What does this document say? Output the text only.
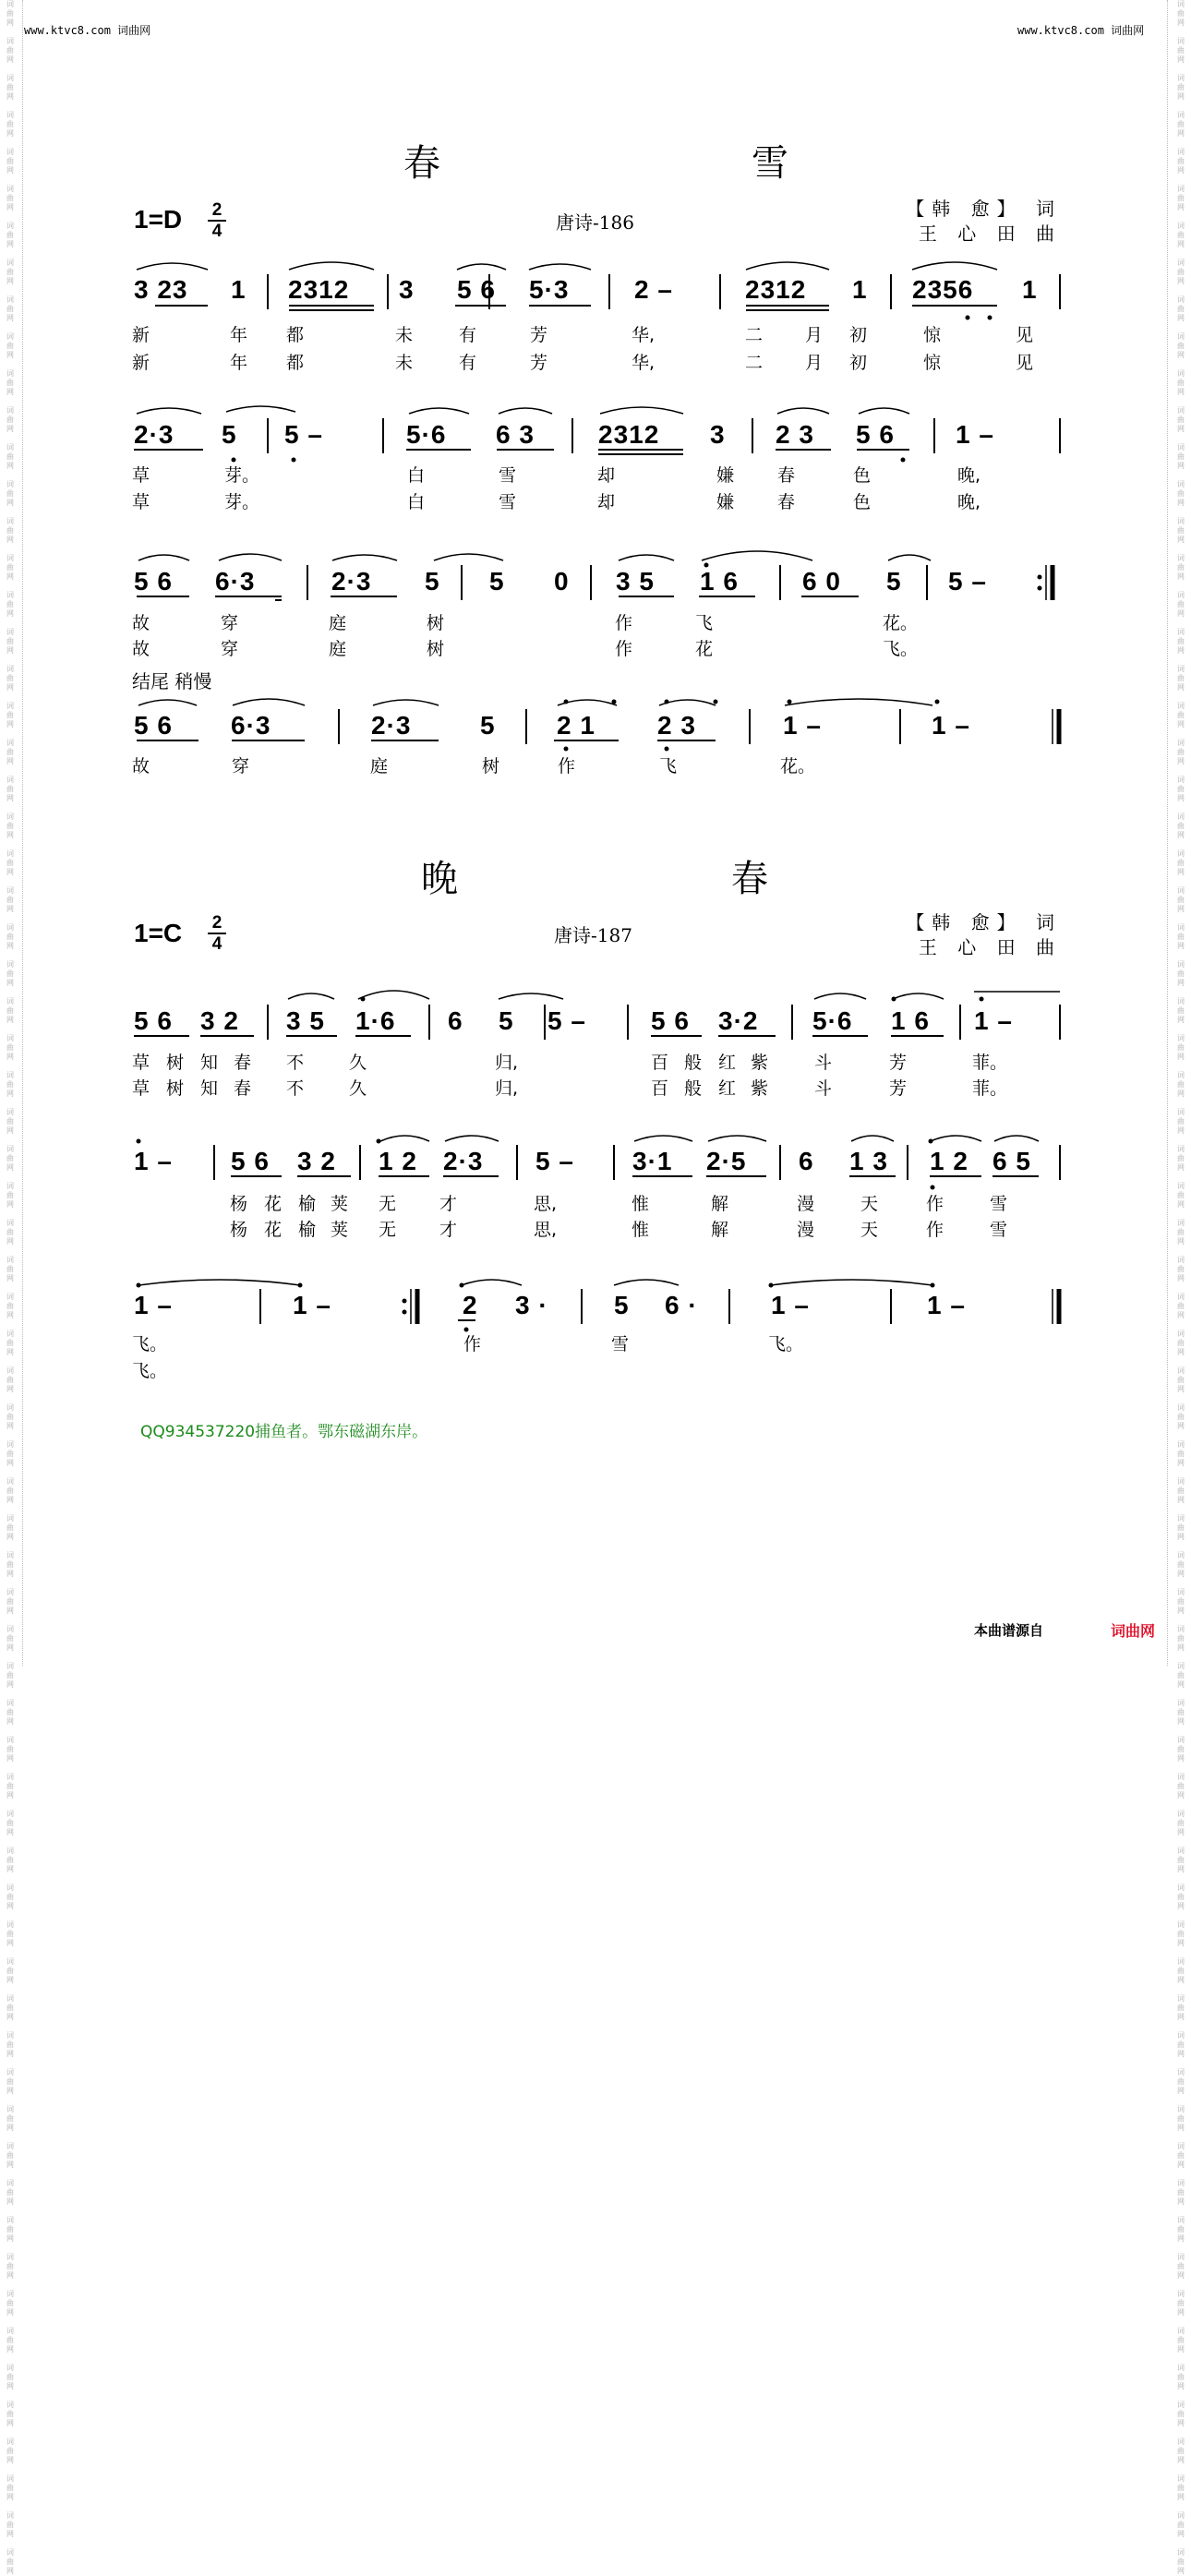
www.ktvc8.com 词曲网	www.ktvc8.com 词曲网
春	雪
1=D 2
4	唐诗-186
【韩 愈】 词
王 心 田 曲
3 23 1 2312 3 5 6 5·3	2 –	2312 1 2356 1
2·3 5 5 –	5·6 6 3 2312 3 2 3 5 6 1 –
5 6 6·3	2·3 5 5 0 3 5 1 6 6 0 5 5 –
结尾 稍慢
5 6 6·3	2·3	5 2 1 2 3	1 –	1 –
晚	春
1=C 2
4	唐诗-187
【韩 愈】 词
王 心 田 曲
5 6 3 2 3 5 1·6 6 5 5 –	5 6 3·2 5·6 1 6 1 –
1 – 5 6 3 2 1 2 2·3 5 – 3·1 2·5 6 1 3 1 2 6 5
1 –	1 –	2 3 ·	5 6 ·	1 –	1 –
QQ934537220捕鱼者。鄂东磁湖东岸。
本曲谱源自	词曲网
词
曲
网

词
曲
网

词
曲
网

词
曲
网

词
曲
网

词
曲
网

词
曲
网

词
曲
网

词
曲
网

词
曲
网

词
曲
网

词
曲
网

词
曲
网

词
曲
网

词
曲
网

词
曲
网

词
曲
网

词
曲
网

词
曲
网

词
曲
网

词
曲
网

词
曲
网

词
曲
网

词
曲
网

词
曲
网

词
曲
网

词
曲
网

词
曲
网

词
曲
网

词
曲
网

词
曲
网

词
曲
网

词
曲
网

词
曲
网

词
曲
网

词
曲
网

词
曲
网

词
曲
网

词
曲
网

词
曲
网

词
曲
网

词
曲
网

词
曲
网

词
曲
网

词
曲
网

词
曲
网

词
曲
网

词
曲
网

词
曲
网

词
曲
网

词
曲
网

词
曲
网

词
曲
网

词
曲
网

词
曲
网

词
曲
网

词
曲
网

词
曲
网

词
曲
网

词
曲
网

词
曲
网

词
曲
网

词
曲
网

词
曲
网

词
曲
网

词
曲
网

词
曲
网

词
曲
网

词
曲
网

词
曲
网

词
曲
网

词
曲
网

词
曲
网

词
曲
网

词
曲
网

词
曲
网

词
曲
网

词
曲
网

词
曲
网

词
曲
网

词
曲
网

词
曲
网

词
曲
网

词
曲
网

词
曲
网

词
曲
网

词
曲
网

词
曲
网

词
曲
网

词
曲
网

词
曲
网

词
曲
网

词
曲
网

词
曲
网

词
曲
网

词
曲
网

词
曲
网

词
曲
网

词
曲
网

词
曲
网

词
曲
网

词
曲
网

词
曲
网

词
曲
网

词
曲
网

词
曲
网

词
曲
网

词
曲
网

词
曲
网

词
曲
网

词
曲
网

词
曲
网

词
曲
网

词
曲
网

词
曲
网

词
曲
网

词
曲
网

词
曲
网

词
曲
网

词
曲
网

词
曲
网

词
曲
网

词
曲
网

词
曲
网

词
曲
网

词
曲
网

词
曲
网

词
曲
网

词
曲
网

词
曲
网

词
曲
网

词
曲
网

词
曲
网

词
曲
网

词
曲
网

词
曲
网

词
曲
网

词
曲
网

词
曲
网

词
曲
网

新	年 都	未	有	芳	华,	二 月 初	惊	见
新	年 都	未	有	芳	华,	二 月 初	惊	见
草	芽。	白	雪	却	嫌 春	色	晚,
草	芽。	白	雪	却	嫌 春	色	晚,
故	穿	庭	树	作	飞	花。
故	穿	庭	树	作	花	飞。
故	穿	庭	树	作	飞	花。
草 树 知 春 不	久	归,	百 般 红 紫	斗	芳	菲。
草 树 知 春 不	久	归,	百 般 红 紫	斗	芳	菲。
杨 花 榆 荚 无 才	思,	惟	解	漫	天	作	雪
杨 花 榆 荚 无 才	思,	惟	解	漫	天	作	雪
飞。	作	雪	飞。
飞。
